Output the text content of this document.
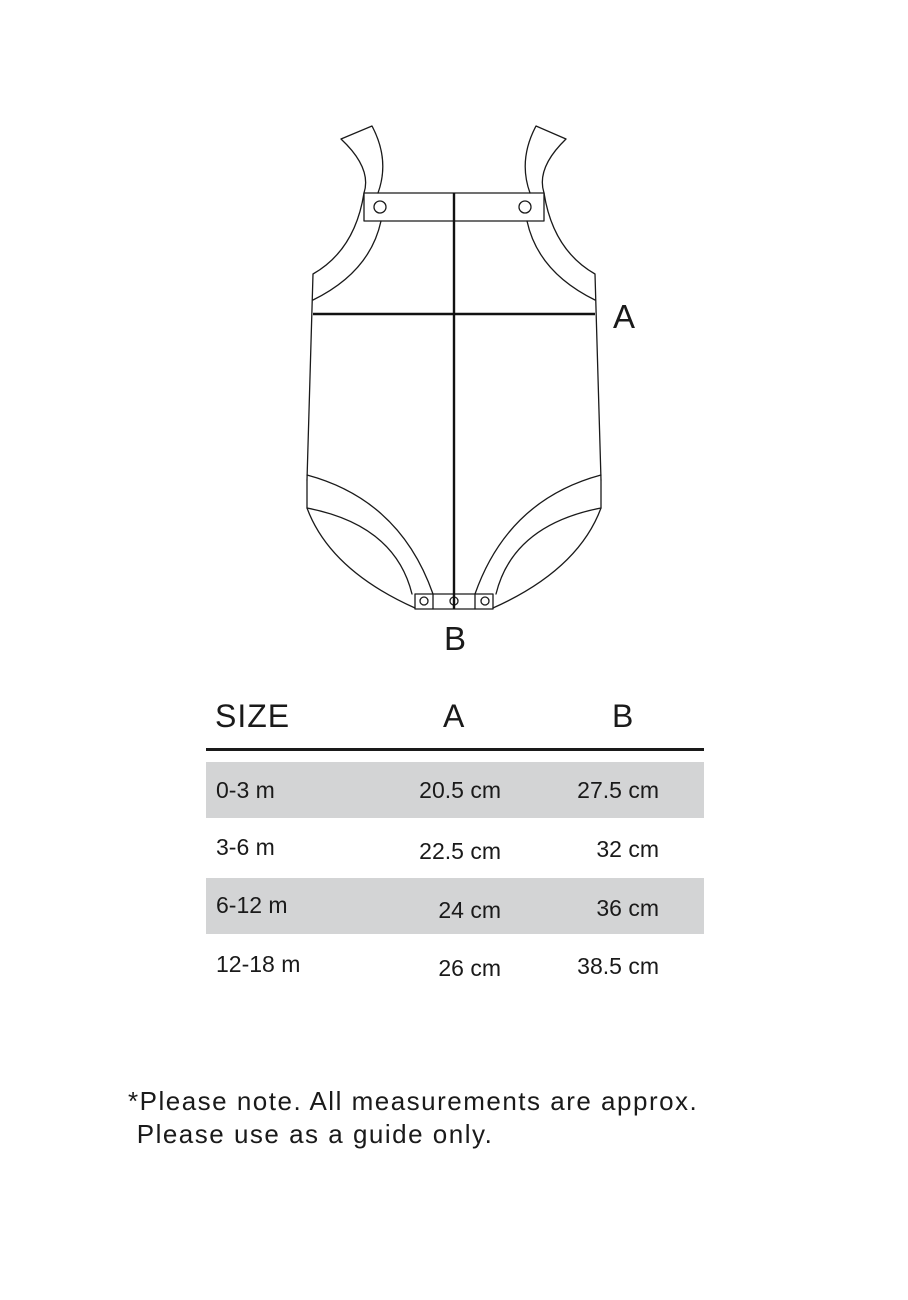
A
B
SIZE	A	B
0-3 m	20.5 cm	27.5 cm
3-6 m	22.5 cm	32 cm
6-12 m	24 cm	36 cm
12-18 m	26 cm	38.5 cm
*Please note. All measurements are approx.
Please use as a guide only.
